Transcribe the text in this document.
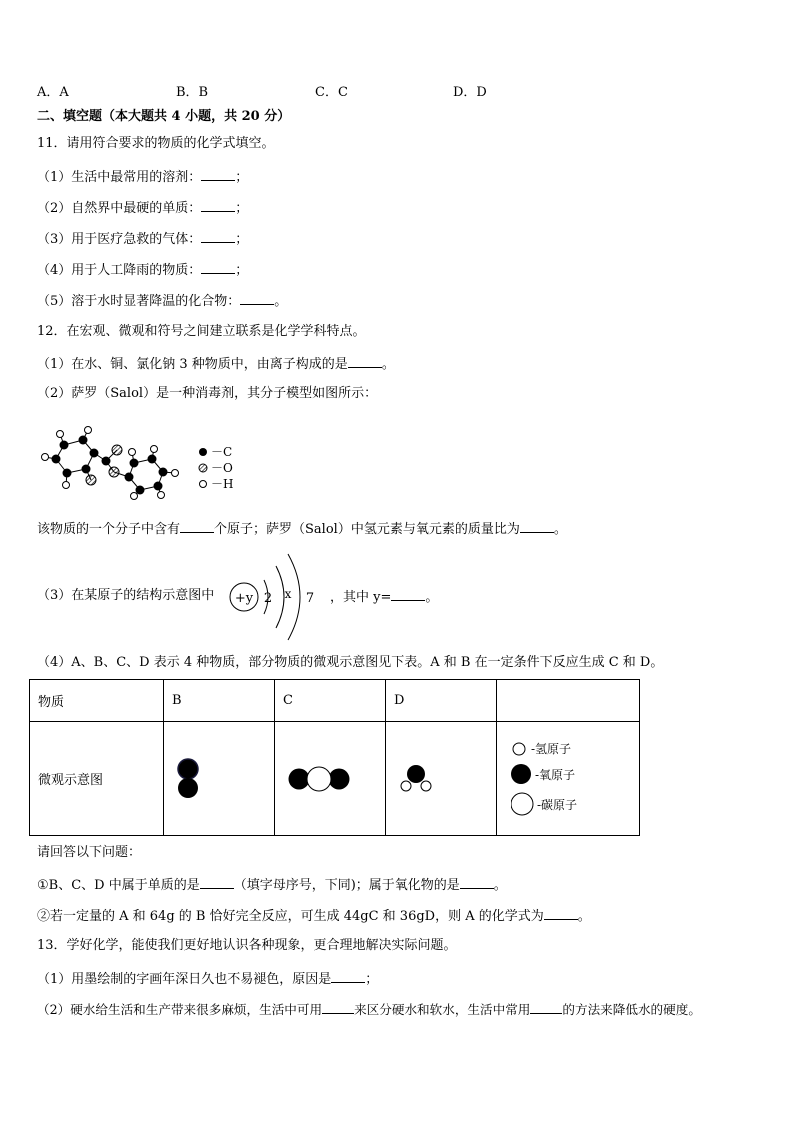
A．A	B．B	C．C	D．D
二、填空题（本大题共 4 小题，共 20 分）
11．请用符合要求的物质的化学式填空。
（1）生活中最常用的溶剂：	；
（2）自然界中最硬的单质：	；
（3）用于医疗急救的气体：	；
（4）用于人工降雨的物质：	；
（5）溶于水时显著降温的化合物：	。
12．在宏观、微观和符号之间建立联系是化学学科特点。
（1）在水、铜、氯化钠 3 种物质中，由离子构成的是	。
（2）萨罗（Salol）是一种消毒剂，其分子模型如图所示：
－C
－O
－H
该物质的一个分子中含有	个原子；萨罗（Salol）中氢元素与氧元素的质量比为	。
（3）在某原子的结构示意图中 +y 2 x 7 ，其中 y=	。
（4）A、B、C、D 表示 4 种物质，部分物质的微观示意图见下表。A 和 B 在一定条件下反应生成 C 和 D。
物质	B	C	D	
微观示意图				-氢原子
-氧原子
-碳原子
请回答以下问题：
①B、C、D 中属于单质的是	（填字母序号，下同)；属于氧化物的是	。
②若一定量的 A 和 64g 的 B 恰好完全反应，可生成 44gC 和 36gD，则 A 的化学式为	。
13．学好化学，能使我们更好地认识各种现象，更合理地解决实际问题。
（1）用墨绘制的字画年深日久也不易褪色，原因是	；
（2）硬水给生活和生产带来很多麻烦，生活中可用	来区分硬水和软水，生活中常用	的方法来降低水的硬度。
